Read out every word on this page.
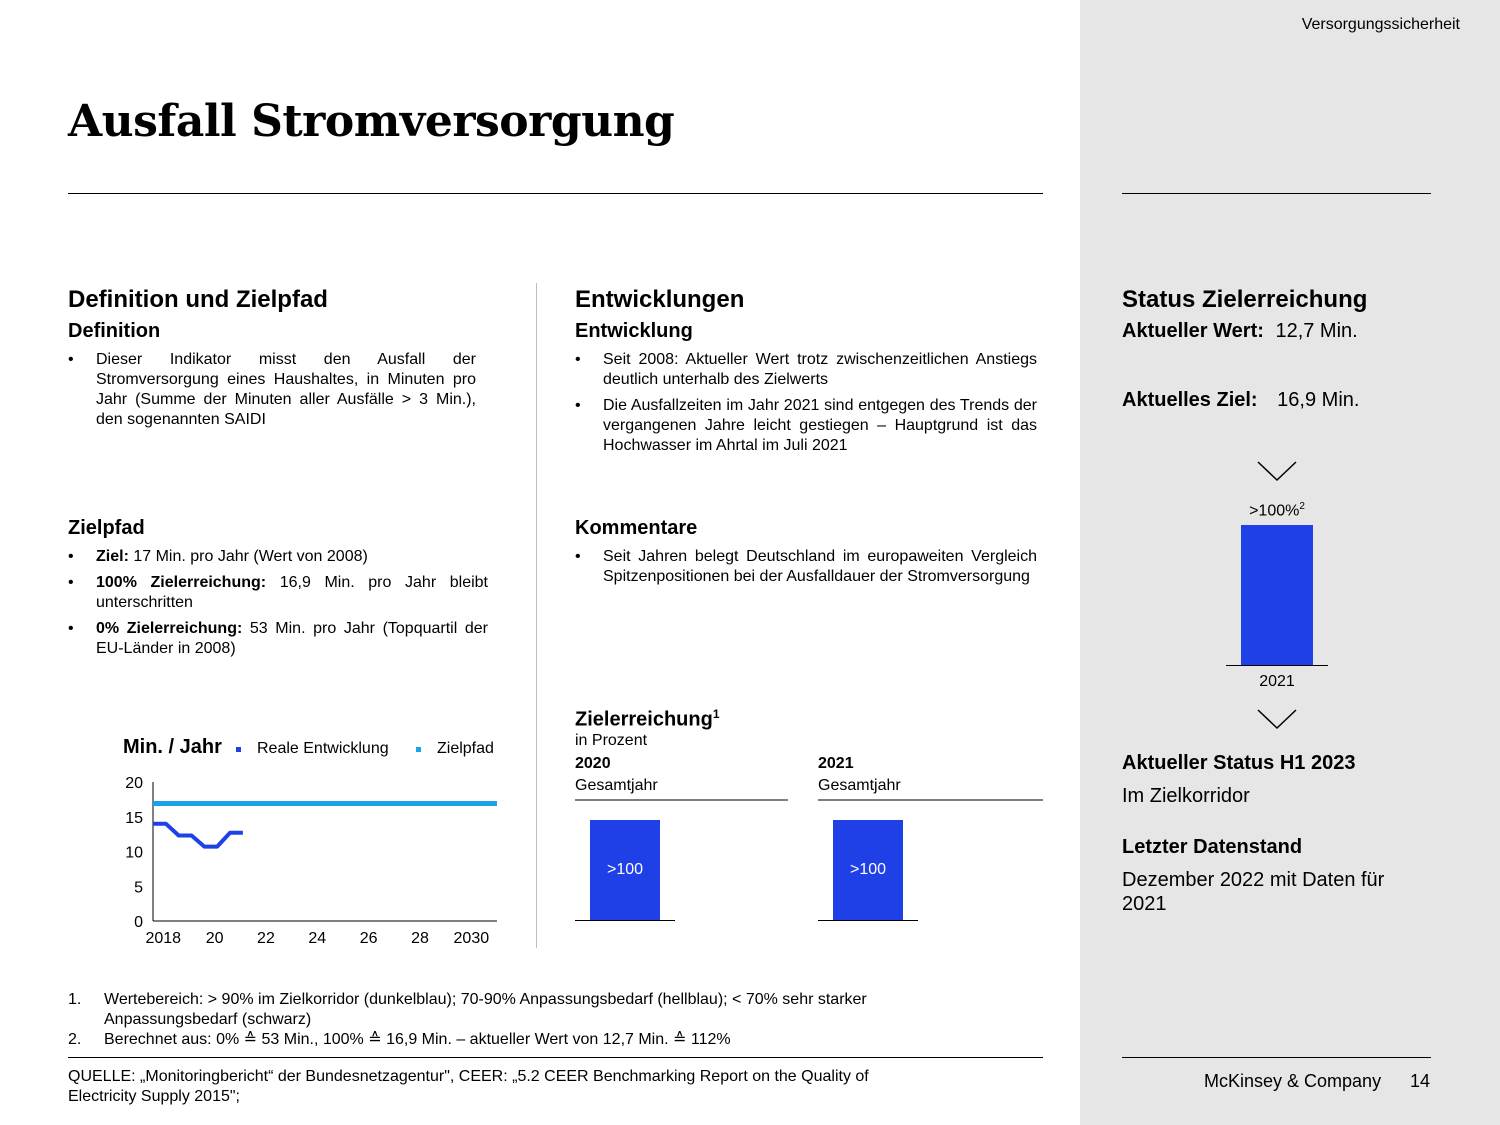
Versorgungssicherheit
Ausfall Stromversorgung
Definition und Zielpfad
Definition
• Dieser Indikator misst den Ausfall der Stromversorgung eines Haushaltes, in Minuten pro Jahr (Summe der Minuten aller Ausfälle > 3 Min.), den sogenannten SAIDI
Zielpfad
• Ziel: 17 Min. pro Jahr (Wert von 2008)
• 100% Zielerreichung: 16,9 Min. pro Jahr bleibt unterschritten
• 0% Zielerreichung: 53 Min. pro Jahr (Topquartil der EU-Länder in 2008)
Min. / Jahr Reale Entwicklung	Zielpfad
0
5
10
15
20
2018 20 22 24 26 28 2030
Entwicklungen
Entwicklung
• Seit 2008: Aktueller Wert trotz zwischenzeitlichen Anstiegs deutlich unterhalb des Zielwerts
• Die Ausfallzeiten im Jahr 2021 sind entgegen des Trends der vergangenen Jahre leicht gestiegen – Hauptgrund ist das Hochwasser im Ahrtal im Juli 2021
Kommentare
• Seit Jahren belegt Deutschland im europaweiten Vergleich Spitzenpositionen bei der Ausfalldauer der Stromversorgung
Zielerreichung$^1$
in Prozent
2020
Gesamtjahr
>100
2021
Gesamtjahr
>100
Status Zielerreichung
Aktueller Wert: 12,7 Min.
Aktuelles Ziel: 16,9 Min.
>100%$^2$
2021
Aktueller Status H1 2023
Im Zielkorridor
Letzter Datenstand
Dezember 2022 mit Daten für 2021
1.	Wertebereich: > 90% im Zielkorridor (dunkelblau); 70-90% Anpassungsbedarf (hellblau); < 70% sehr starker Anpassungsbedarf (schwarz)
2.	Berechnet aus: 0% ≙ 53 Min., 100% ≙ 16,9 Min. – aktueller Wert von 12,7 Min. ≙ 112%
QUELLE: „Monitoringbericht“ der Bundesnetzagentur", CEER: „5.2 CEER Benchmarking Report on the Quality of Electricity Supply 2015";
McKinsey & Company 14
